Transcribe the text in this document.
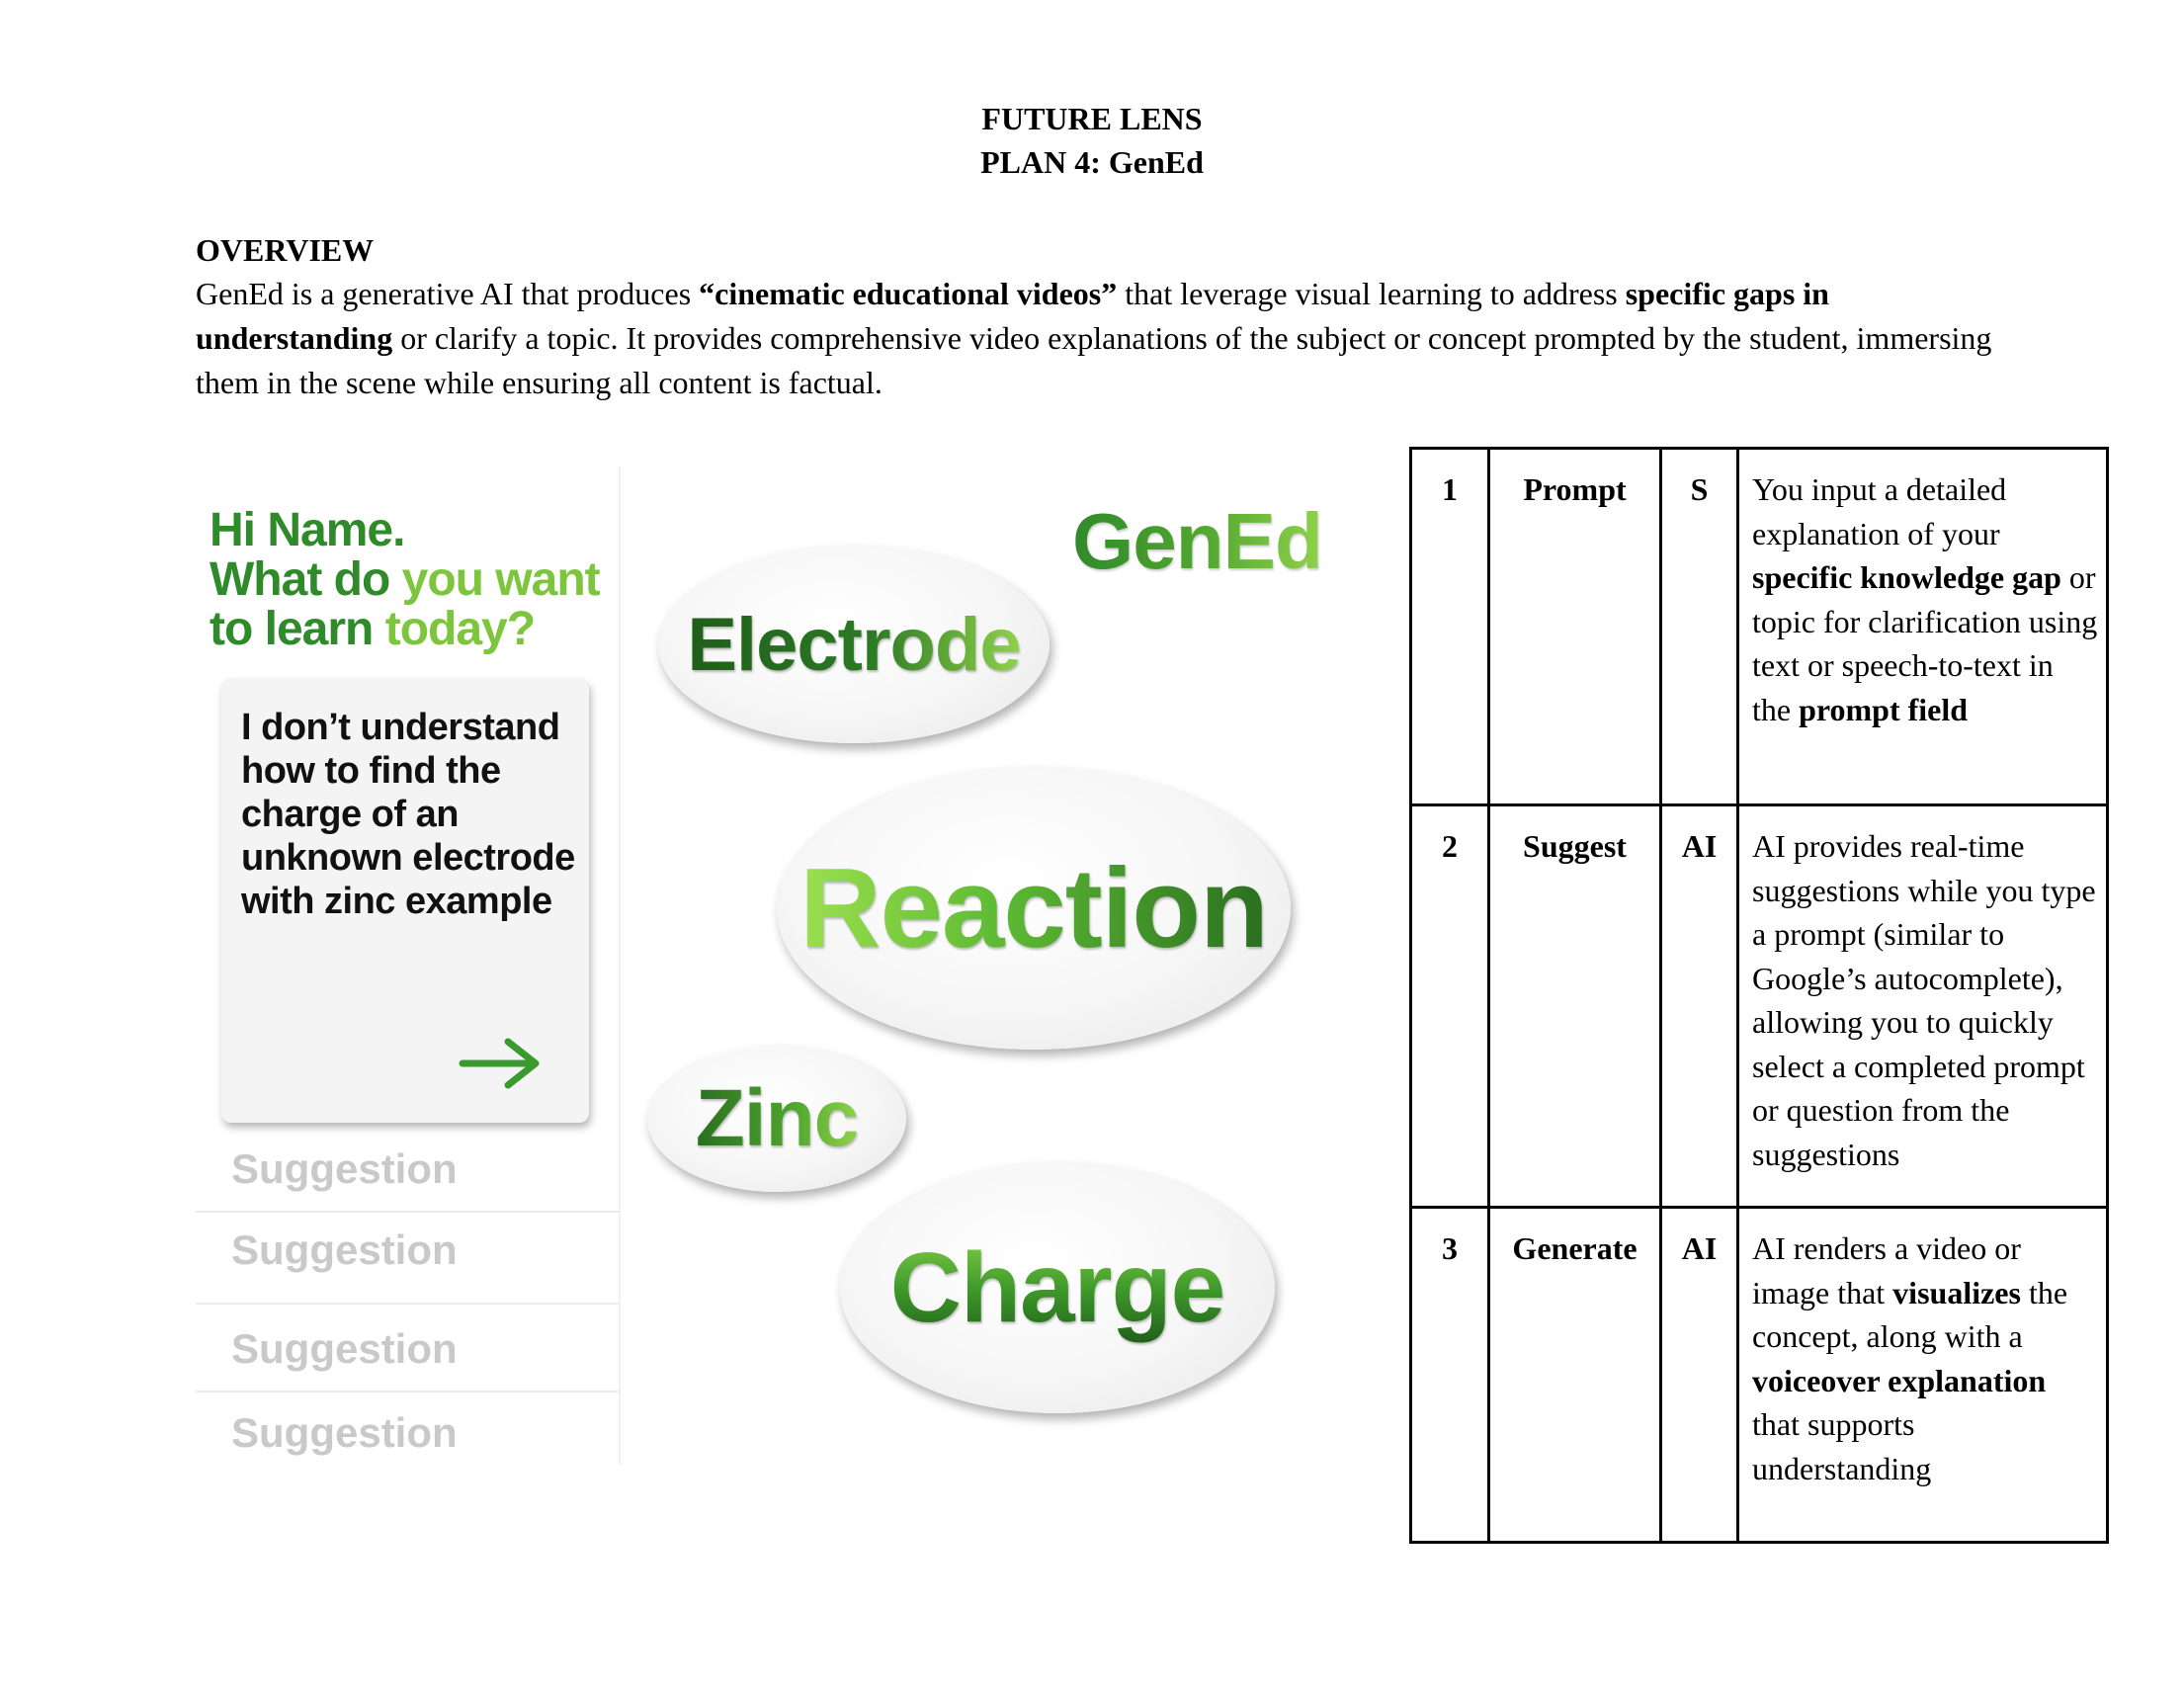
FUTURE LENS
PLAN 4: GenEd
OVERVIEW
GenEd is a generative AI that produces “cinematic educational videos” that leverage visual learning to address specific gaps in understanding or clarify a topic. It provides comprehensive video explanations of the subject or concept prompted by the student, immersing them in the scene while ensuring all content is factual.
Hi Name.
What do you want
to learn today?
I don’t understand how to find the charge of an unknown electrode with zinc example
Suggestion
Suggestion
Suggestion
Suggestion
GenEd
Electrode
Reaction
Zinc
Charge
1	Prompt	S	You input a detailed explanation of your specific knowledge gap or topic for clarification using text or speech-to-text in the prompt field
2	Suggest	AI	AI provides real-time suggestions while you type a prompt (similar to Google’s autocomplete), allowing you to quickly select a completed prompt or question from the suggestions
3	Generate	AI	AI renders a video or image that visualizes the concept, along with a voiceover explanation that supports understanding
